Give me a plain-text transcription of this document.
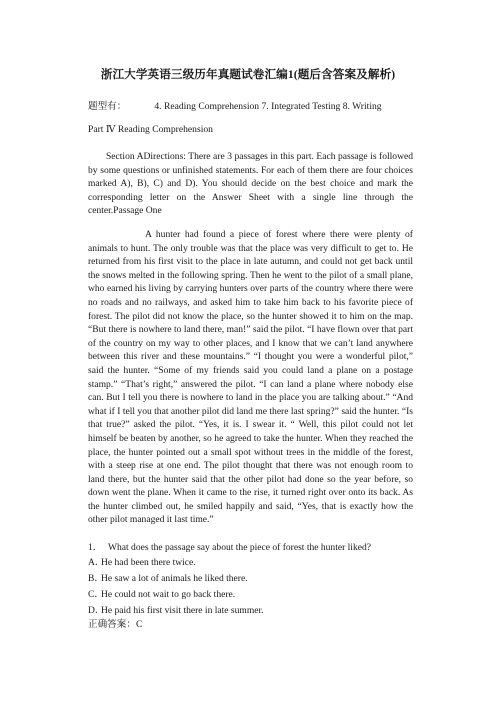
浙江大学英语三级历年真题试卷汇编1(题后含答案及解析)
题型有：	4. Reading Comprehension 7. Integrated Testing 8. Writing
Part Ⅳ Reading Comprehension

Section ADirections: There are 3 passages in this part. Each passage is followed by some questions or unfinished statements. For each of them there are four choices marked A), B), C) and D). You should decide on the best choice and mark the corresponding letter on the Answer Sheet with a single line through the center.Passage One

A hunter had found a piece of forest where there were plenty of animals to hunt. The only trouble was that the place was very difficult to get to. He returned from his first visit to the place in late autumn, and could not get back until the snows melted in the following spring. Then he went to the pilot of a small plane, who earned his living by carrying hunters over parts of the country where there were no roads and no railways, and asked him to take him back to his favorite piece of forest. The pilot did not know the place, so the hunter showed it to him on the map. “But there is nowhere to land there, man!” said the pilot. “I have flown over that part of the country on my way to other places, and I know that we can’t land anywhere between this river and these mountains.” “I thought you were a wonderful pilot,” said the hunter. “Some of my friends said you could land a plane on a postage stamp.” “That’s right,” answered the pilot. “I can land a plane where nobody else can. But I tell you there is nowhere to land in the place you are talking about.” “And what if I tell you that another pilot did land me there last spring?” said the hunter. “Is that true?” asked the pilot. “Yes, it is. I swear it. “ Well, this pilot could not let himself be beaten by another, so he agreed to take the hunter. When they reached the place, the hunter pointed out a small spot without trees in the middle of the forest, with a steep rise at one end. The pilot thought that there was not enough room to land there, but the hunter said that the other pilot had done so the year before, so down went the plane. When it came to the rise, it turned right over onto its back. As the hunter climbed out, he smiled happily and said, “Yes, that is exactly how the other pilot managed it last time.”

1． What does the passage say about the piece of forest the hunter liked?

A．He had been there twice.

B．He saw a lot of animals he liked there.

C．He could not wait to go back there.

D．He paid his first visit there in late summer.

正确答案：C
